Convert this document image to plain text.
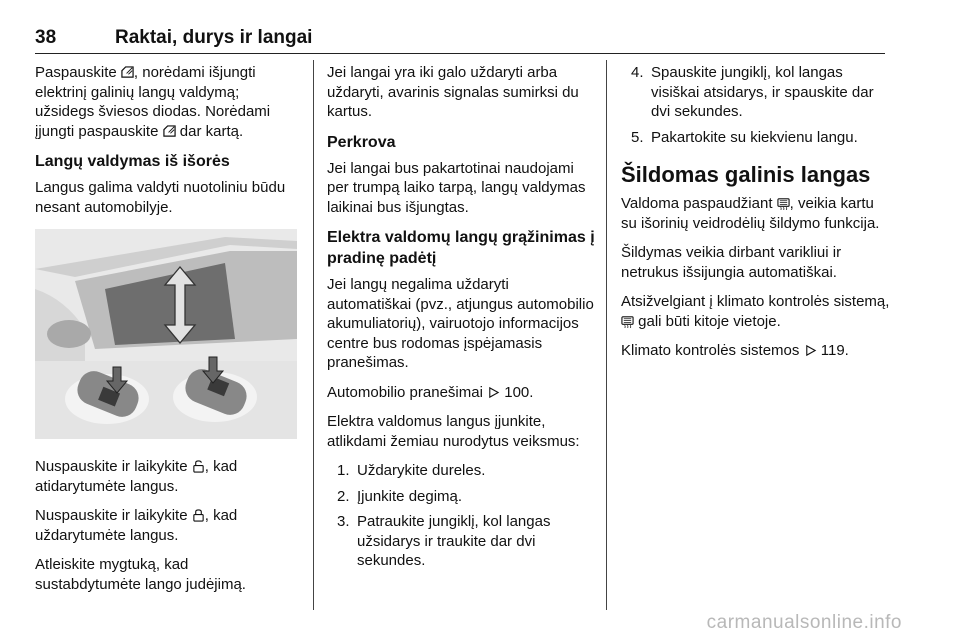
38	Raktai, durys ir langai

Paspauskite , norėdami išjungti elektrinį galinių langų valdymą; užsidegs šviesos diodas. Norėdami įjungti paspauskite  dar kartą.

Langų valdymas iš išorės

Langus galima valdyti nuotoliniu būdu nesant automobilyje.

Nuspauskite ir laikykite , kad atidarytumėte langus.

Nuspauskite ir laikykite , kad uždarytumėte langus.

Atleiskite mygtuką, kad sustabdytumėte lango judėjimą.

Jei langai yra iki galo uždaryti arba uždaryti, avarinis signalas sumirksi du kartus.

Perkrova

Jei langai bus pakartotinai naudojami per trumpą laiko tarpą, langų valdymas laikinai bus išjungtas.

Elektra valdomų langų grąžinimas į pradinę padėtį

Jei langų negalima uždaryti automatiškai (pvz., atjungus automobilio akumuliatorių), vairuotojo informacijos centre bus rodomas įspėjamasis pranešimas.

Automobilio pranešimai  100.

Elektra valdomus langus įjunkite, atlikdami žemiau nurodytus veiksmus:

1. Uždarykite dureles.
2. Įjunkite degimą.
3. Patraukite jungiklį, kol langas užsidarys ir traukite dar dvi sekundes.
4. Spauskite jungiklį, kol langas visiškai atsidarys, ir spauskite dar dvi sekundes.
5. Pakartokite su kiekvienu langu.
Šildomas galinis langas

Valdoma paspaudžiant , veikia kartu su išorinių veidrodėlių šildymo funkcija.

Šildymas veikia dirbant varikliui ir netrukus išsijungia automatiškai.

Atsižvelgiant į klimato kontrolės sistemą,  gali būti kitoje vietoje.

Klimato kontrolės sistemos  119.

carmanualsonline.info
